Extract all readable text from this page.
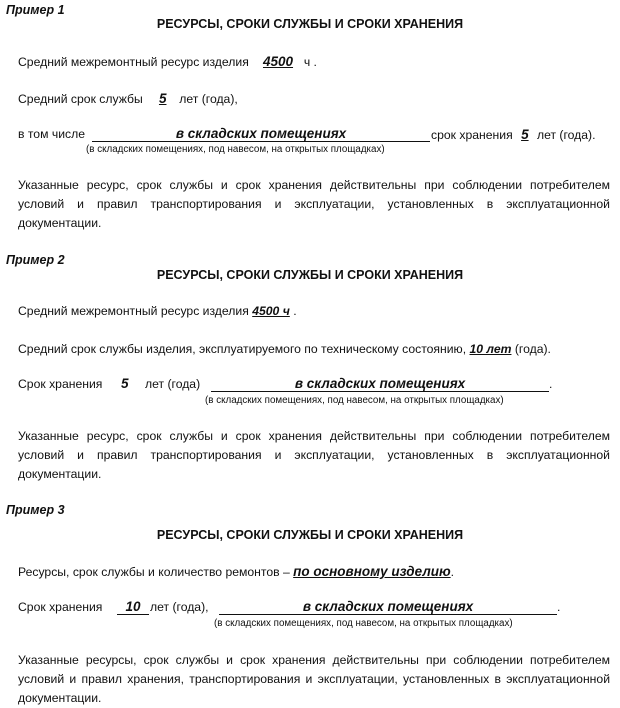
Пример 1
РЕСУРСЫ, СРОКИ СЛУЖБЫ И СРОКИ ХРАНЕНИЯ
Средний межремонтный ресурс изделия 4500 ч .
Средний срок службы 5 лет (года),
в том числе	в складских помещениях	срок хранения 5 лет (года).
(в складских помещениях, под навесом, на открытых площадках)
Указанные ресурс, срок службы и срок хранения действительны при соблюдении потребителем условий и правил транспортирования и эксплуатации, установленных в эксплуатационной документации.
Пример 2
РЕСУРСЫ, СРОКИ СЛУЖБЫ И СРОКИ ХРАНЕНИЯ
Средний межремонтный ресурс изделия 4500 ч .
Средний срок службы изделия, эксплуатируемого по техническому состоянию, 10 лет (года).
Срок хранения 5 лет (года)	в складских помещениях	.
(в складских помещениях, под навесом, на открытых площадках)
Указанные ресурс, срок службы и срок хранения действительны при соблюдении потребителем условий и правил транспортирования и эксплуатации, установленных в эксплуатационной документации.
Пример 3
РЕСУРСЫ, СРОКИ СЛУЖБЫ И СРОКИ ХРАНЕНИЯ
Ресурсы, срок службы и количество ремонтов – по основному изделию.
Срок хранения	10 лет (года),	в складских помещениях	.
(в складских помещениях, под навесом, на открытых площадках)
Указанные ресурсы, срок службы и срок хранения действительны при соблюдении потребителем условий и правил хранения, транспортирования и эксплуатации, установленных в эксплуатационной документации.
